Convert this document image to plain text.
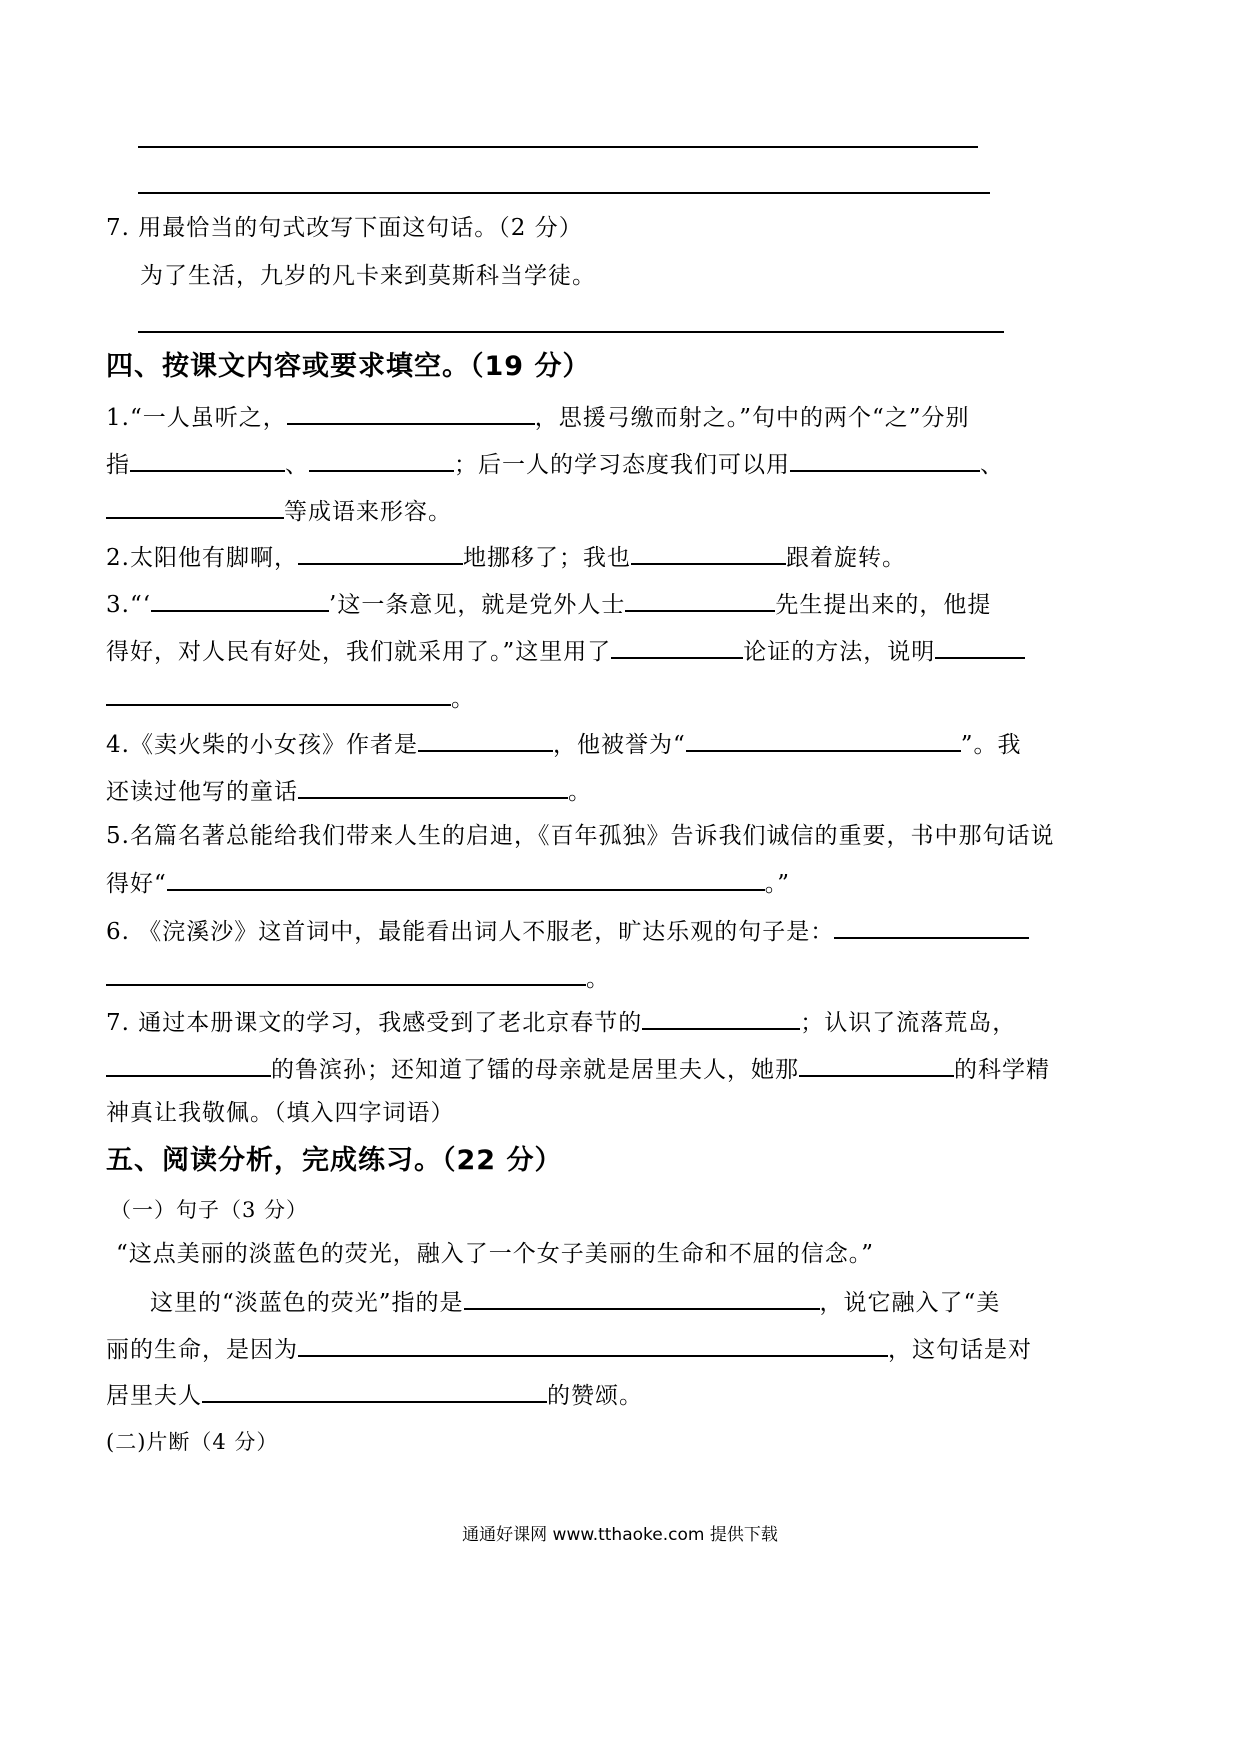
7. 用最恰当的句式改写下面这句话。（2 分）
为了生活，九岁的凡卡来到莫斯科当学徒。
四、按课文内容或要求填空。（19 分）
1.“一人虽听之，	，思援弓缴而射之。”句中的两个“之”分别
指	、	；后一人的学习态度我们可以用	、
等成语来形容。
2.太阳他有脚啊，	地挪移了；我也	跟着旋转。
3.“‘	’这一条意见，就是党外人士	先生提出来的，他提
得好，对人民有好处，我们就采用了。”这里用了	论证的方法，说明
。
4.《卖火柴的小女孩》作者是	，他被誉为“	”。我
还读过他写的童话	。
5.名篇名著总能给我们带来人生的启迪，《百年孤独》告诉我们诚信的重要，书中那句话说
得好“	。”
6. 《浣溪沙》这首词中，最能看出词人不服老，旷达乐观的句子是：
。
7. 通过本册课文的学习，我感受到了老北京春节的	；认识了流落荒岛，
的鲁滨孙；还知道了镭的母亲就是居里夫人，她那	的科学精
神真让我敬佩。（填入四字词语）
五、阅读分析，完成练习。（22 分）
（一）句子（3 分）
“这点美丽的淡蓝色的荧光，融入了一个女子美丽的生命和不屈的信念。”
这里的“淡蓝色的荧光”指的是	，说它融入了“美
丽的生命，是因为	，这句话是对
居里夫人	的赞颂。
(二)片断（4 分）
通通好课网 www.tthaoke.com 提供下载
